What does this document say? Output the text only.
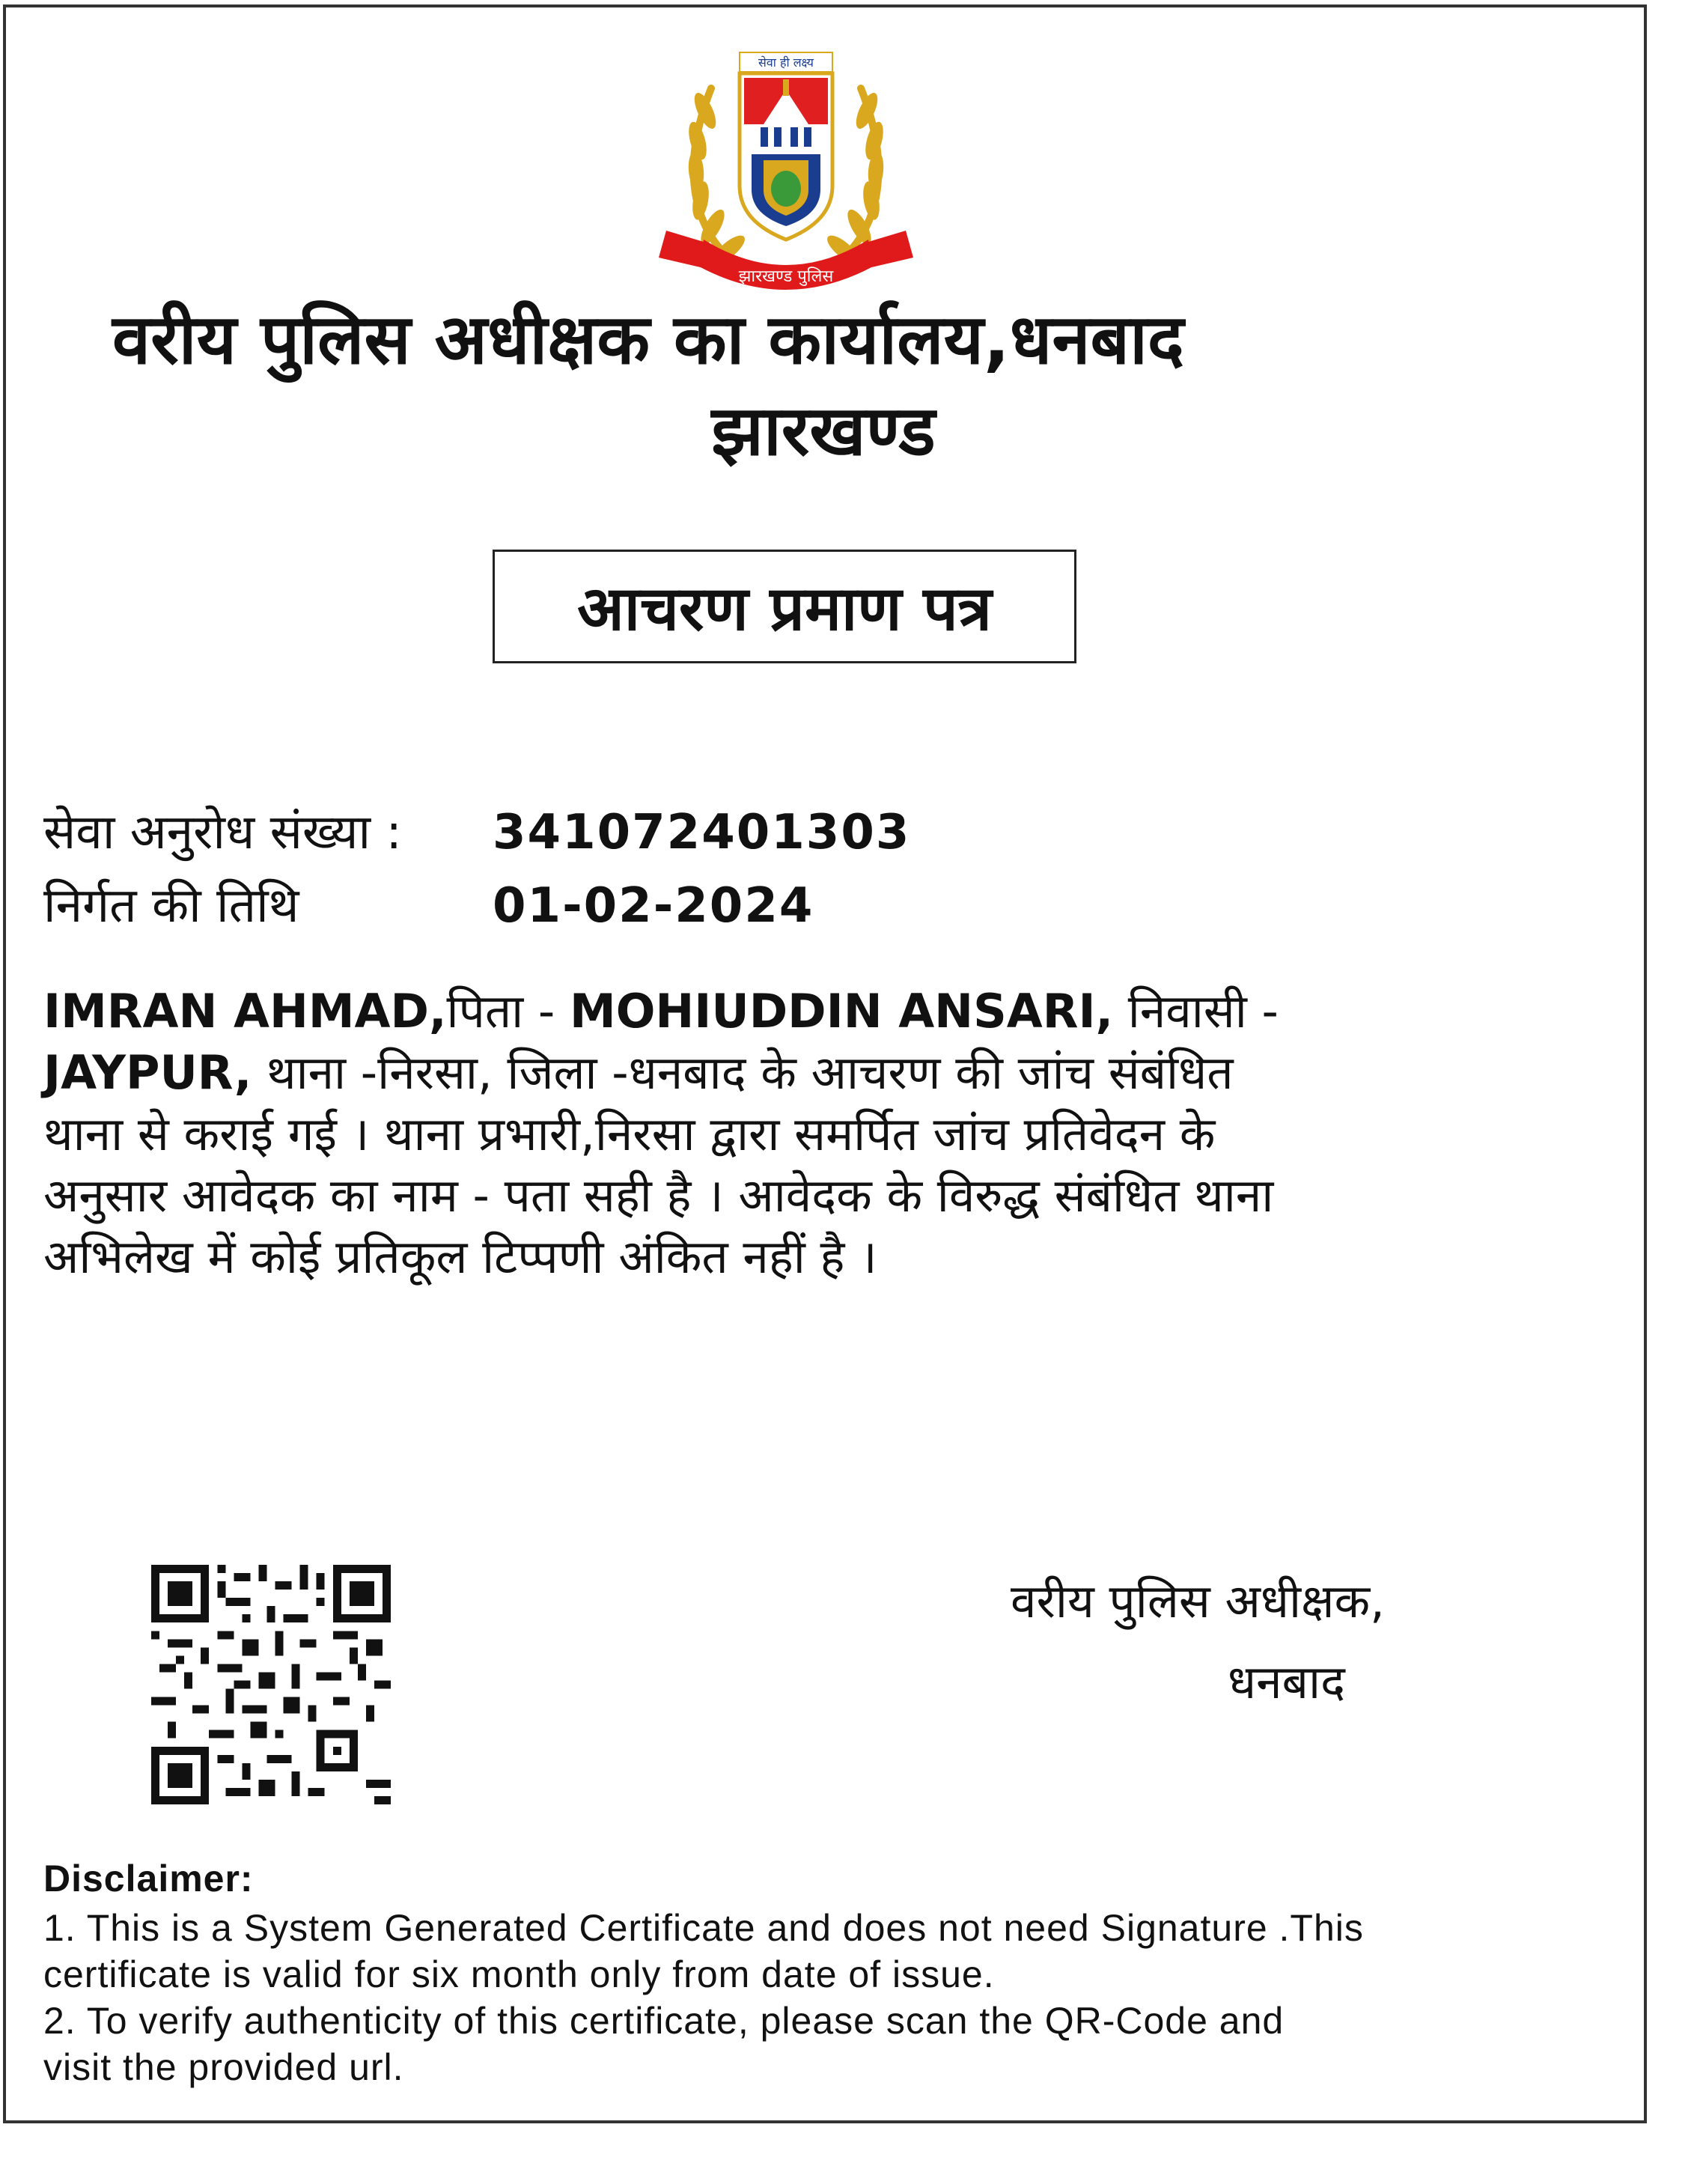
सेवा ही लक्ष्य
झारखण्ड पुलिस
वरीय पुलिस अधीक्षक का कार्यालय,धनबाद
झारखण्ड
आचरण प्रमाण पत्र
सेवा अनुरोध संख्या : 341072401303
निर्गत की तिथि	01-02-2024
IMRAN AHMAD,पिता - MOHIUDDIN ANSARI, निवासी -
JAYPUR, थाना -निरसा, जिला -धनबाद के आचरण की जांच संबंधित
थाना से कराई गई । थाना प्रभारी,निरसा द्वारा समर्पित जांच प्रतिवेदन के
अनुसार आवेदक का नाम - पता सही है । आवेदक के विरुद्ध संबंधित थाना
अभिलेख में कोई प्रतिकूल टिप्पणी अंकित नहीं है ।
वरीय पुलिस अधीक्षक,
धनबाद
Disclaimer:
1. This is a System Generated Certificate and does not need Signature .This
certificate is valid for six month only from date of issue.
2. To verify authenticity of this certificate, please scan the QR-Code and
visit the provided url.
